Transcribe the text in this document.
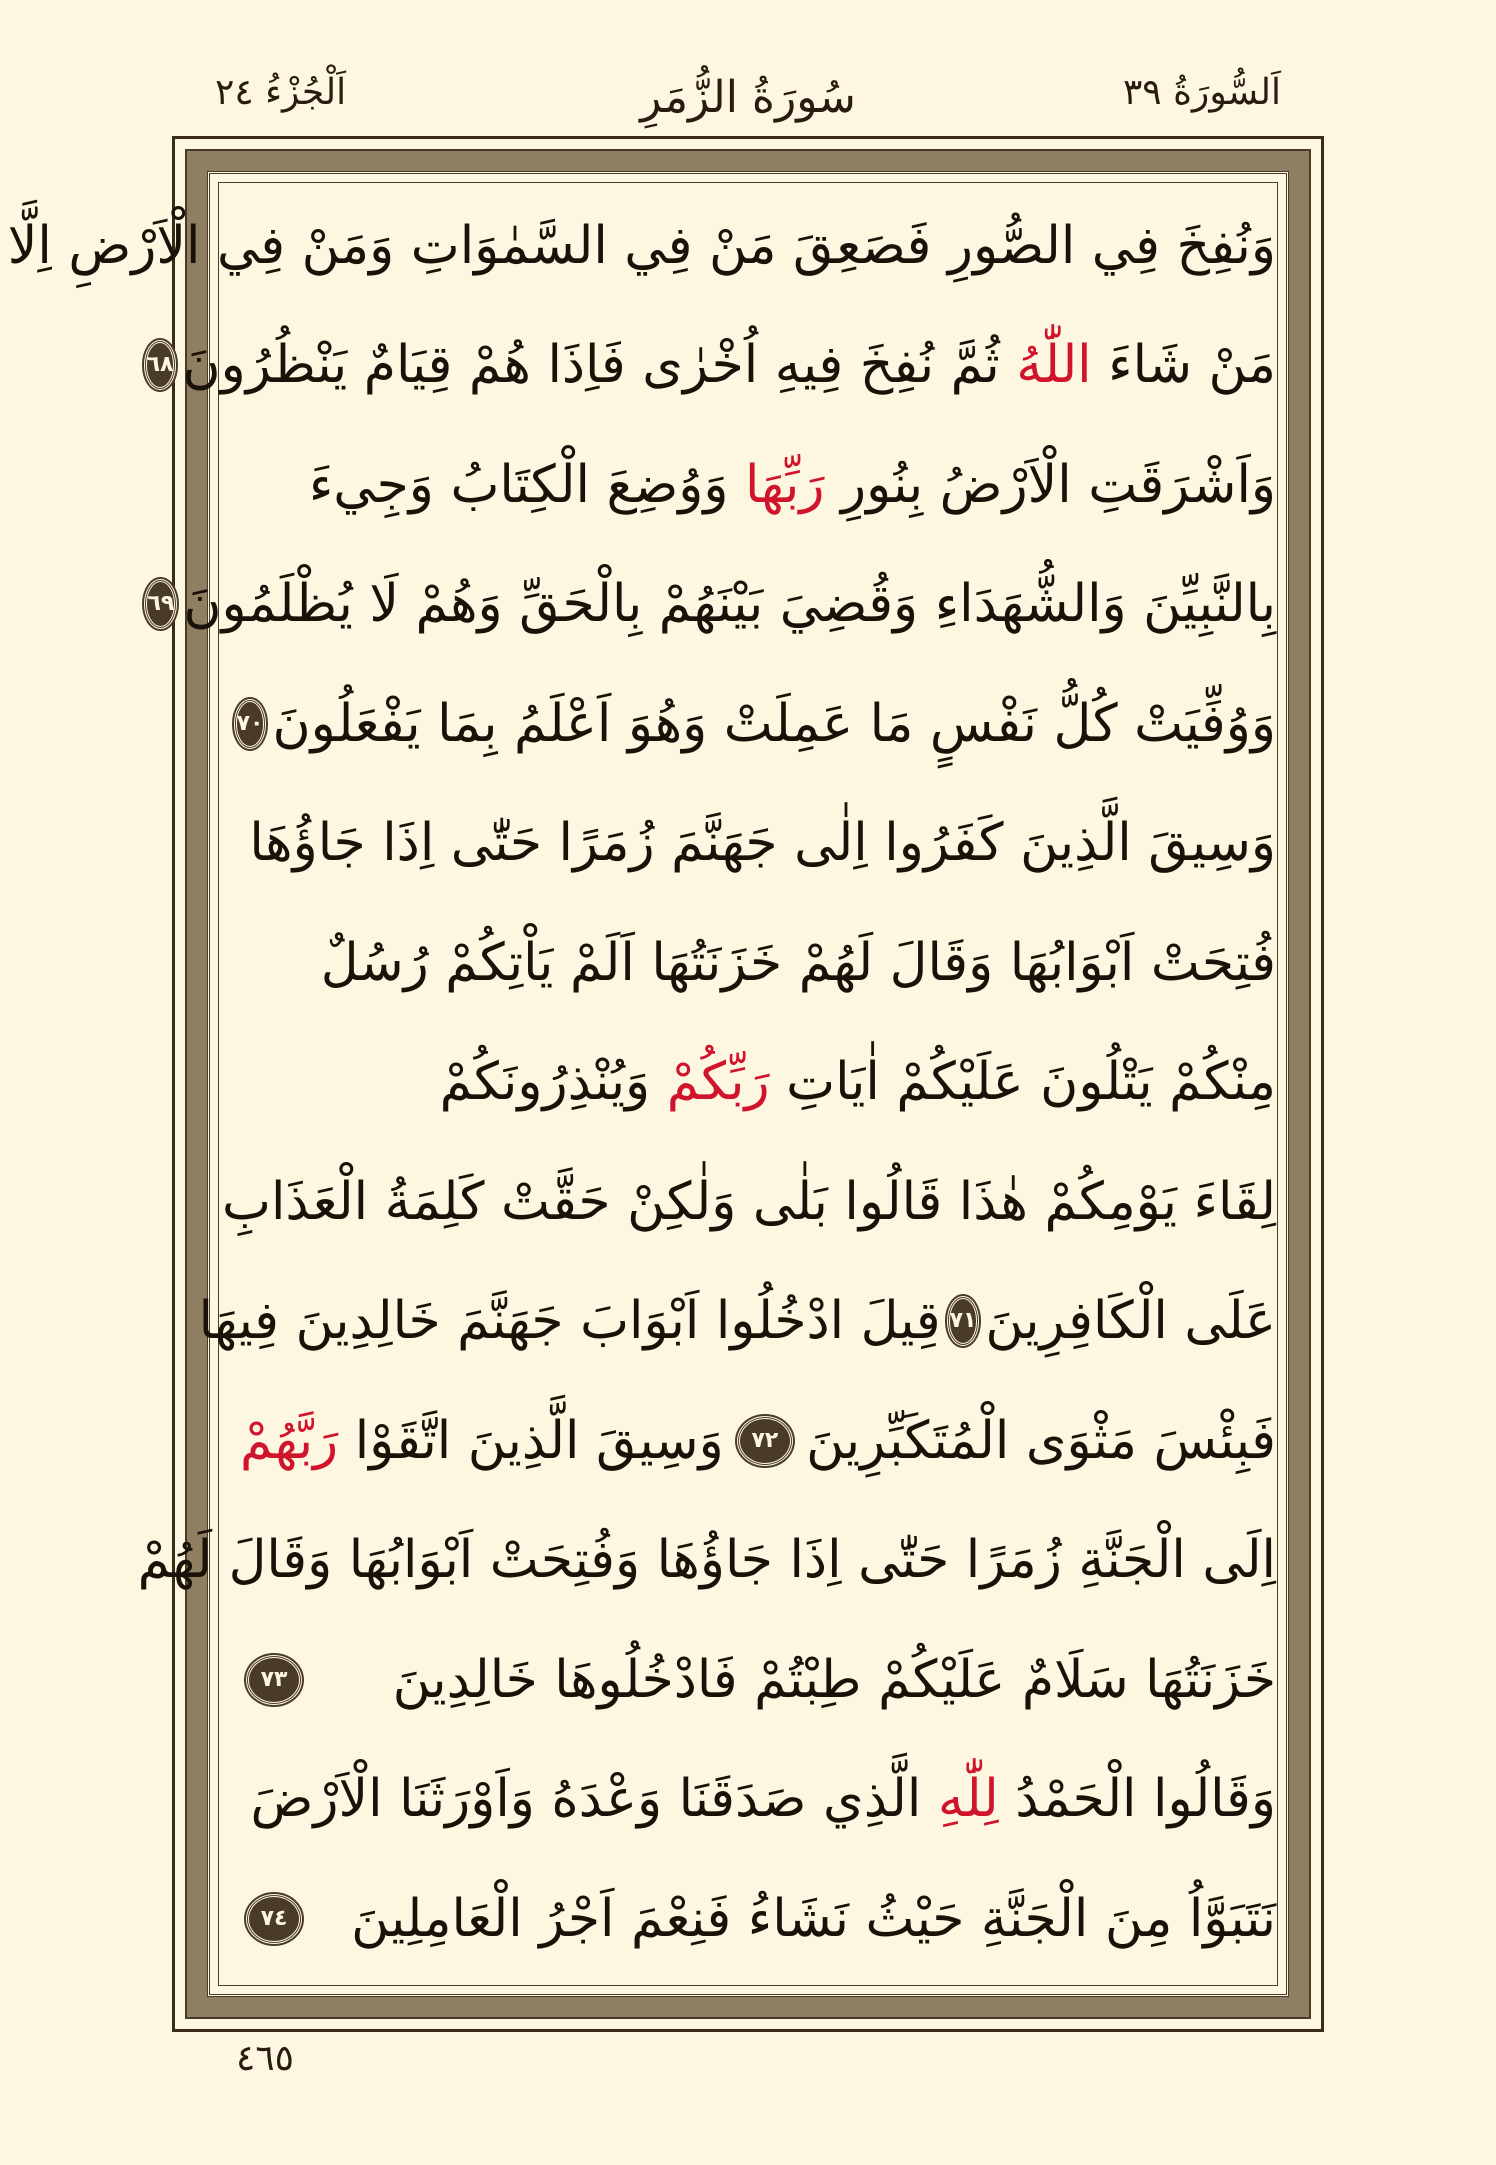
اَلْجُزْءُ ٢٤	سُورَةُ الزُّمَرِ	اَلسُّورَةُ ٣٩
وَنُفِخَ فِي الصُّورِ فَصَعِقَ مَنْ فِي السَّمٰوَاتِ وَمَنْ فِي الْاَرْضِ اِلَّا
مَنْ شَاءَ اللّٰهُ ثُمَّ نُفِخَ فِيهِ اُخْرٰى فَاِذَا هُمْ قِيَامٌ يَنْظُرُونَ
٦٨
وَاَشْرَقَتِ الْاَرْضُ بِنُورِ رَبِّهَا وَوُضِعَ الْكِتَابُ وَجِيءَ
بِالنَّبِيِّنَ وَالشُّهَدَاءِ وَقُضِيَ بَيْنَهُمْ بِالْحَقِّ وَهُمْ لَا يُظْلَمُونَ
٦٩
وَوُفِّيَتْ كُلُّ نَفْسٍ مَا عَمِلَتْ وَهُوَ اَعْلَمُ بِمَا يَفْعَلُونَ
٧٠
وَسِيقَ الَّذِينَ كَفَرُوا اِلٰى جَهَنَّمَ زُمَرًا حَتّٰى اِذَا جَاؤُهَا
فُتِحَتْ اَبْوَابُهَا وَقَالَ لَهُمْ خَزَنَتُهَا اَلَمْ يَاْتِكُمْ رُسُلٌ
مِنْكُمْ يَتْلُونَ عَلَيْكُمْ اٰيَاتِ رَبِّكُمْ وَيُنْذِرُونَكُمْ
لِقَاءَ يَوْمِكُمْ هٰذَا قَالُوا بَلٰى وَلٰكِنْ حَقَّتْ كَلِمَةُ الْعَذَابِ
عَلَى الْكَافِرِينَ
٧١
قِيلَ ادْخُلُوا اَبْوَابَ جَهَنَّمَ خَالِدِينَ فِيهَا
فَبِئْسَ مَثْوَى الْمُتَكَبِّرِينَ
٧٢
وَسِيقَ الَّذِينَ اتَّقَوْا رَبَّهُمْ
اِلَى الْجَنَّةِ زُمَرًا حَتّٰى اِذَا جَاؤُهَا وَفُتِحَتْ اَبْوَابُهَا وَقَالَ لَهُمْ
خَزَنَتُهَا سَلَامٌ عَلَيْكُمْ طِبْتُمْ فَادْخُلُوهَا خَالِدِينَ
٧٣
وَقَالُوا الْحَمْدُ لِلّٰهِ الَّذِي صَدَقَنَا وَعْدَهُ وَاَوْرَثَنَا الْاَرْضَ
نَتَبَوَّاُ مِنَ الْجَنَّةِ حَيْثُ نَشَاءُ فَنِعْمَ اَجْرُ الْعَامِلِينَ
٧٤
٤٦٥
